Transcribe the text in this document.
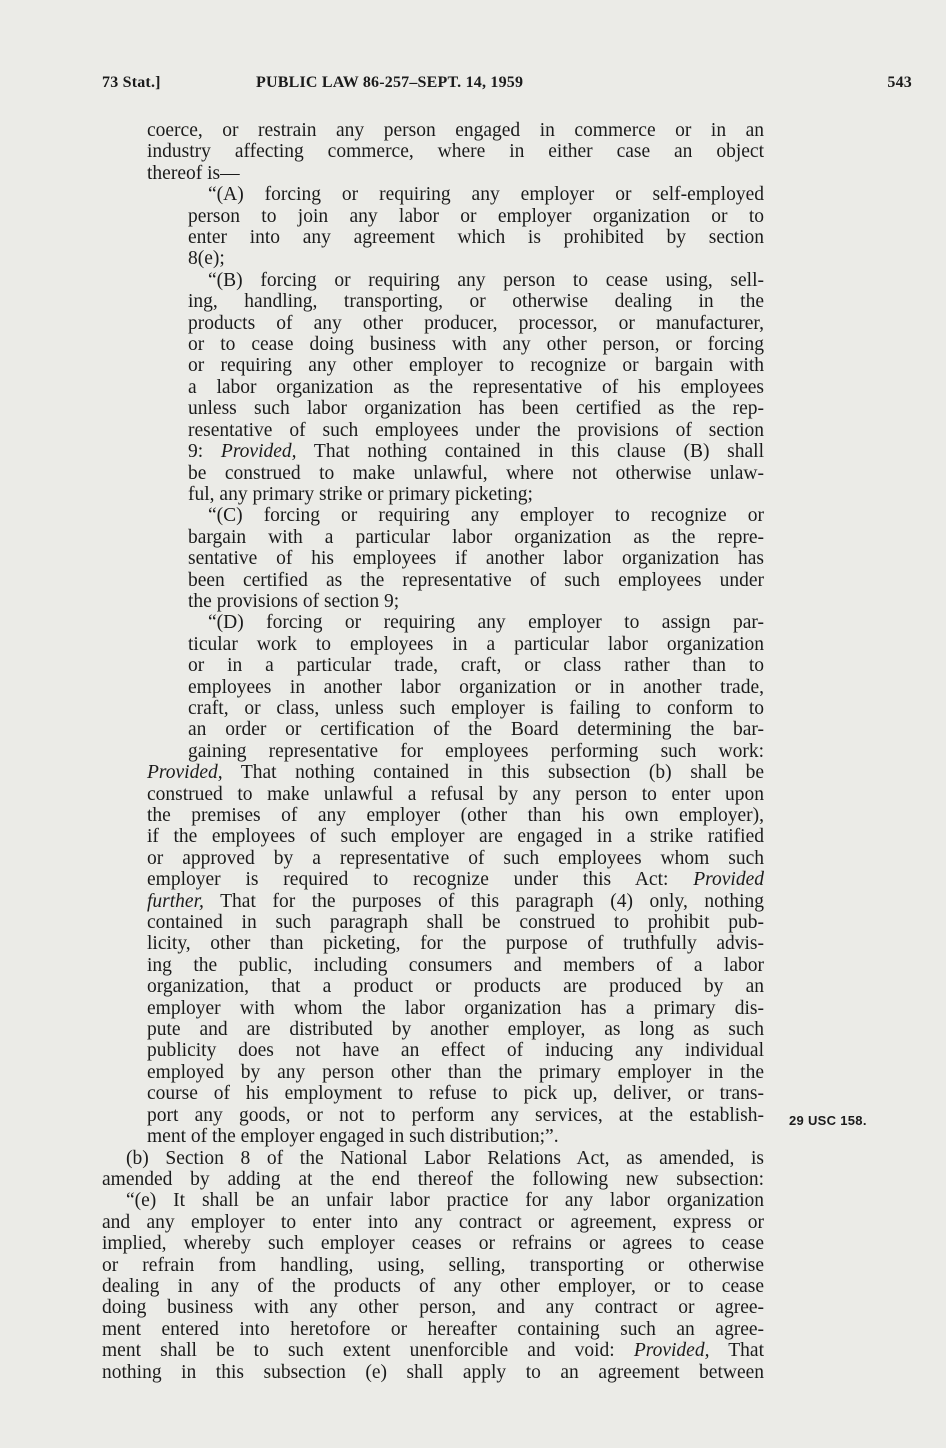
73 Stat.]	PUBLIC LAW 86-257–SEPT. 14, 1959	543
29 USC 158.
coerce, or restrain any person engaged in commerce or in an
industry affecting commerce, where in either case an object
thereof is—
“(A) forcing or requiring any employer or self-employed
person to join any labor or employer organization or to
enter into any agreement which is prohibited by section
8(e);
“(B) forcing or requiring any person to cease using, sell-
ing, handling, transporting, or otherwise dealing in the
products of any other producer, processor, or manufacturer,
or to cease doing business with any other person, or forcing
or requiring any other employer to recognize or bargain with
a labor organization as the representative of his employees
unless such labor organization has been certified as the rep-
resentative of such employees under the provisions of section
9: Provided, That nothing contained in this clause (B) shall
be construed to make unlawful, where not otherwise unlaw-
ful, any primary strike or primary picketing;
“(C) forcing or requiring any employer to recognize or
bargain with a particular labor organization as the repre-
sentative of his employees if another labor organization has
been certified as the representative of such employees under
the provisions of section 9;
“(D) forcing or requiring any employer to assign par-
ticular work to employees in a particular labor organization
or in a particular trade, craft, or class rather than to
employees in another labor organization or in another trade,
craft, or class, unless such employer is failing to conform to
an order or certification of the Board determining the bar-
gaining representative for employees performing such work:
Provided, That nothing contained in this subsection (b) shall be
construed to make unlawful a refusal by any person to enter upon
the premises of any employer (other than his own employer),
if the employees of such employer are engaged in a strike ratified
or approved by a representative of such employees whom such
employer is required to recognize under this Act: Provided
further, That for the purposes of this paragraph (4) only, nothing
contained in such paragraph shall be construed to prohibit pub-
licity, other than picketing, for the purpose of truthfully advis-
ing the public, including consumers and members of a labor
organization, that a product or products are produced by an
employer with whom the labor organization has a primary dis-
pute and are distributed by another employer, as long as such
publicity does not have an effect of inducing any individual
employed by any person other than the primary employer in the
course of his employment to refuse to pick up, deliver, or trans-
port any goods, or not to perform any services, at the establish-
ment of the employer engaged in such distribution;”.
(b) Section 8 of the National Labor Relations Act, as amended, is
amended by adding at the end thereof the following new subsection:
“(e) It shall be an unfair labor practice for any labor organization
and any employer to enter into any contract or agreement, express or
implied, whereby such employer ceases or refrains or agrees to cease
or refrain from handling, using, selling, transporting or otherwise
dealing in any of the products of any other employer, or to cease
doing business with any other person, and any contract or agree-
ment entered into heretofore or hereafter containing such an agree-
ment shall be to such extent unenforcible and void: Provided, That
nothing in this subsection (e) shall apply to an agreement between
